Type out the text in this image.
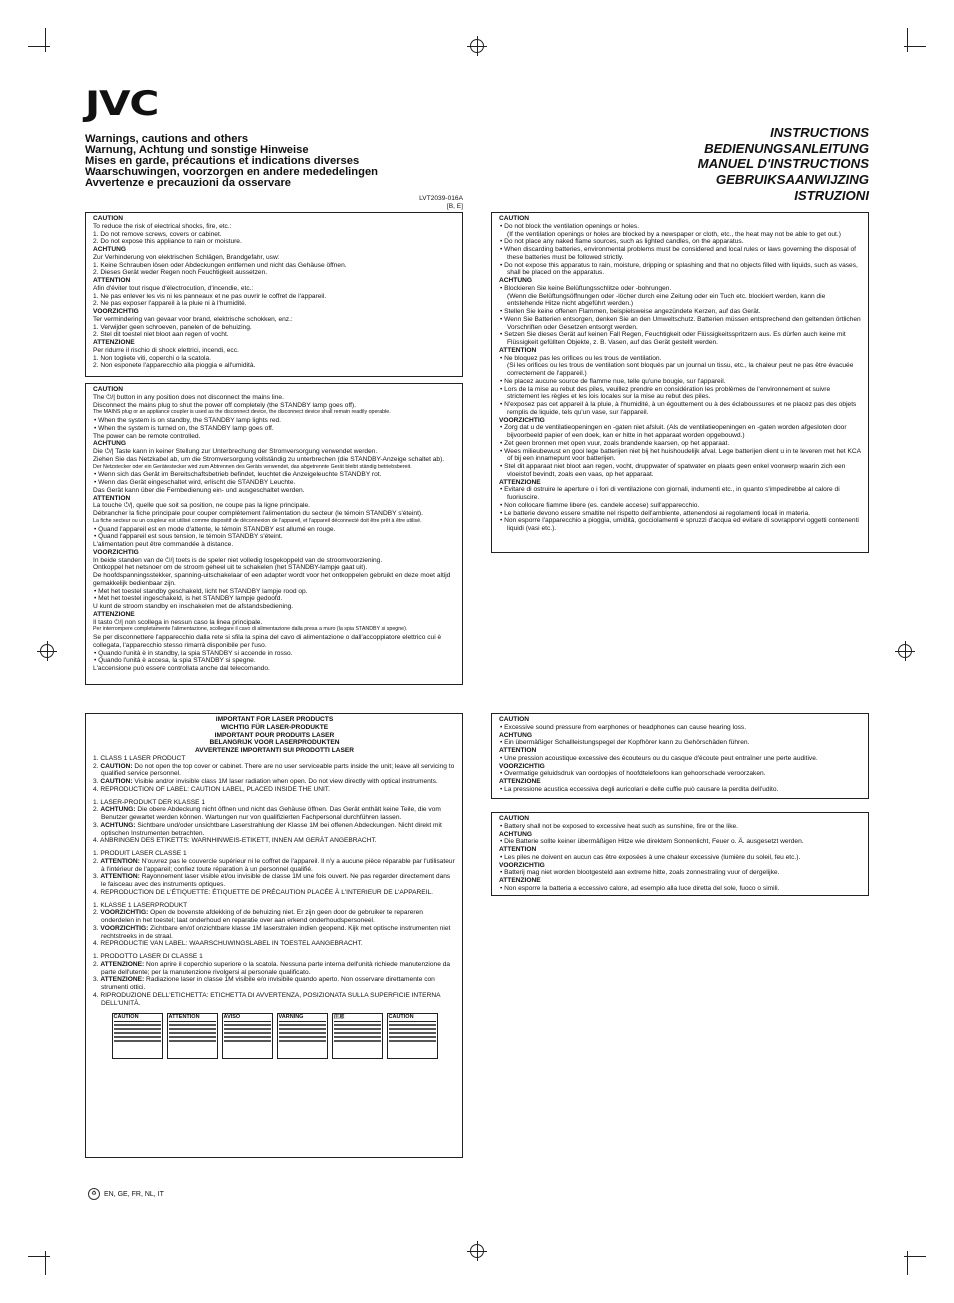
JVC
Warnings, cautions and others
Warnung, Achtung und sonstige Hinweise
Mises en garde, précautions et indications diverses
Waarschuwingen, voorzorgen en andere mededelingen
Avvertenze e precauzioni da osservare
INSTRUCTIONS
BEDIENUNGSANLEITUNG
MANUEL D'INSTRUCTIONS
GEBRUIKSAANWIJZING
ISTRUZIONI
LVT2039-016A
[B, E]
CAUTION
To reduce the risk of electrical shocks, fire, etc.:
1. Do not remove screws, covers or cabinet.
2. Do not expose this appliance to rain or moisture.
ACHTUNG
Zur Verhinderung von elektrischen Schlägen, Brandgefahr, usw:
1. Keine Schrauben lösen oder Abdeckungen entfernen und nicht das Gehäuse öffnen.
2. Dieses Gerät weder Regen noch Feuchtigkeit aussetzen.
ATTENTION
Afin d'éviter tout risque d'électrocution, d'incendie, etc.:
1. Ne pas enlever les vis ni les panneaux et ne pas ouvrir le coffret de l'appareil.
2. Ne pas exposer l'appareil à la pluie ni à l'humidité.
VOORZICHTIG
Ter vermindering van gevaar voor brand, elektrische schokken, enz.:
1. Verwijder geen schroeven, panelen of de behuizing.
2. Stel dit toestel niet bloot aan regen of vocht.
ATTENZIONE
Per ridurre il rischio di shock elettrici, incendi, ecc.
1. Non togliete viti, coperchi o la scatola.
2. Non esponete l'apparecchio alla pioggia e all'umidità.
CAUTION
The ⏻/| button in any position does not disconnect the mains line.
Disconnect the mains plug to shut the power off completely (the STANDBY lamp goes off).
The MAINS plug or an appliance coupler is used as the disconnect device, the disconnect device shall remain readily operable.
• When the system is on standby, the STANDBY lamp lights red.
• When the system is turned on, the STANDBY lamp goes off.
The power can be remote controlled.
ACHTUNG
Die ⏻/| Taste kann in keiner Stellung zur Unterbrechung der Stromversorgung verwendet werden.
Ziehen Sie das Netzkabel ab, um die Stromversorgung vollständig zu unterbrechen (die STANDBY-Anzeige schaltet ab).
Der Netzstecker oder ein Gerätestecker wird zum Abtrennen des Geräts verwendet, das abgetrennte Gerät bleibt ständig betriebsbereit.
• Wenn sich das Gerät im Bereitschaftsbetrieb befindet, leuchtet die Anzeigeleuchte STANDBY rot.
• Wenn das Gerät eingeschaltet wird, erlischt die STANDBY Leuchte.
Das Gerät kann über die Fernbedienung ein- und ausgeschaltet werden.
ATTENTION
La touche ⏻/|, quelle que soit sa position, ne coupe pas la ligne principale.
Débrancher la fiche principale pour couper complètement l'alimentation du secteur (le témoin STANDBY s'éteint).
La fiche secteur ou un coupleur est utilisé comme dispositif de déconnexion de l'appareil, et l'appareil déconnecté doit être prêt à être utilisé.
• Quand l'appareil est en mode d'attente, le témoin STANDBY est allumé en rouge.
• Quand l'appareil est sous tension, le témoin STANDBY s'éteint.
L'alimentation peut être commandée à distance.
VOORZICHTIG
In beide standen van de ⏻/| toets is de speler niet volledig losgekoppeld van de stroomvoorziening.
Ontkoppel het netsnoer om de stroom geheel uit te schakelen (het STANDBY-lampje gaat uit).
De hoofdspanningsstekker, spanning-uitschakelaar of een adapter wordt voor het ontkoppelen gebruikt en deze moet altijd gemakkelijk bedienbaar zijn.
• Met het toestel standby geschakeld, licht het STANDBY lampje rood op.
• Met het toestel ingeschakeld, is het STANDBY lampje gedoofd.
U kunt de stroom standby en inschakelen met de afstandsbediening.
ATTENZIONE
Il tasto ⏻/| non scollega in nessun caso la linea principale.
Per interrompere completamente l'alimentazione, scollegare il cavo di alimentazione dalla presa a muro (la spia STANDBY si spegne).
Se per disconnettere l'apparecchio dalla rete si sfila la spina del cavo di alimentazione o dall'accoppiatore elettrico cui è collegata, l'apparecchio stesso rimarrà disponibile per l'uso.
• Quando l'unità è in standby, la spia STANDBY si accende in rosso.
• Quando l'unità è accesa, la spia STANDBY si spegne.
L'accensione può essere controllata anche dal telecomando.
CAUTION
• Do not block the ventilation openings or holes.
(If the ventilation openings or holes are blocked by a newspaper or cloth, etc., the heat may not be able to get out.)
• Do not place any naked flame sources, such as lighted candles, on the apparatus.
• When discarding batteries, environmental problems must be considered and local rules or laws governing the disposal of these batteries must be followed strictly.
• Do not expose this apparatus to rain, moisture, dripping or splashing and that no objects filled with liquids, such as vases, shall be placed on the apparatus.
ACHTUNG
• Blockieren Sie keine Belüftungsschlitze oder -bohrungen.
(Wenn die Belüftungsöffnungen oder -löcher durch eine Zeitung oder ein Tuch etc. blockiert werden, kann die entstehende Hitze nicht abgeführt werden.)
• Stellen Sie keine offenen Flammen, beispielsweise angezündete Kerzen, auf das Gerät.
• Wenn Sie Batterien entsorgen, denken Sie an den Umweltschutz. Batterien müssen entsprechend den geltenden örtlichen Vorschriften oder Gesetzen entsorgt werden.
• Setzen Sie dieses Gerät auf keinen Fall Regen, Feuchtigkeit oder Flüssigkeitsspritzern aus. Es dürfen auch keine mit Flüssigkeit gefüllten Objekte, z. B. Vasen, auf das Gerät gestellt werden.
ATTENTION
• Ne bloquez pas les orifices ou les trous de ventilation.
(Si les orifices ou les trous de ventilation sont bloqués par un journal un tissu, etc., la chaleur peut ne pas être évacuée correctement de l'appareil.)
• Ne placez aucune source de flamme nue, telle qu'une bougie, sur l'appareil.
• Lors de la mise au rebut des piles, veuillez prendre en considération les problèmes de l'environnement et suivre strictement les règles et les lois locales sur la mise au rebut des piles.
• N'exposez pas cet appareil à la pluie, à l'humidité, à un égouttement ou à des éclaboussures et ne placez pas des objets remplis de liquide, tels qu'un vase, sur l'appareil.
VOORZICHTIG
• Zorg dat u de ventilatieopeningen en -gaten niet afsluit. (Als de ventilatieopeningen en -gaten worden afgesloten door bijvoorbeeld papier of een doek, kan er hitte in het apparaat worden opgebouwd.)
• Zet geen bronnen met open vuur, zoals brandende kaarsen, op het apparaat.
• Wees milieubewust en gooi lege batterijen niet bij het huishoudelijk afval. Lege batterijen dient u in te leveren met het KCA of bij een innamepunt voor batterijen.
• Stel dit apparaat niet bloot aan regen, vocht, druppwater of spatwater en plaats geen enkel voorwerp waarin zich een vloeistof bevindt, zoals een vaas, op het apparaat.
ATTENZIONE
• Evitare di ostruire le aperture o i fori di ventilazione con giornali, indumenti etc., in quanto s'impedirebbe al calore di fuoriuscire.
• Non collocare fiamme libere (es. candele accese) sull'apparecchio.
• Le batterie devono essere smaltite nel rispetto dell'ambiente, attenendosi ai regolamenti locali in materia.
• Non esporre l'apparecchio a pioggia, umidità, gocciolamenti e spruzzi d'acqua ed evitare di sovrapporvi oggetti contenenti liquidi (vasi etc.).
IMPORTANT FOR LASER PRODUCTS
WICHTIG FÜR LASER-PRODUKTE
IMPORTANT POUR PRODUITS LASER
BELANGRIJK VOOR LASERPRODUKTEN
AVVERTENZE IMPORTANTI SUI PRODOTTI LASER
1. CLASS 1 LASER PRODUCT
2. CAUTION: Do not open the top cover or cabinet. There are no user serviceable parts inside the unit; leave all servicing to qualified service personnel.
3. CAUTION: Visible and/or invisible class 1M laser radiation when open. Do not view directly with optical instruments.
4. REPRODUCTION OF LABEL: CAUTION LABEL, PLACED INSIDE THE UNIT.
1. LASER-PRODUKT DER KLASSE 1
2. ACHTUNG: Die obere Abdeckung nicht öffnen und nicht das Gehäuse öffnen. Das Gerät enthält keine Teile, die vom Benutzer gewartet werden können. Wartungen nur von qualifizierten Fachpersonal durchführen lassen.
3. ACHTUNG: Sichtbare und/oder unsichtbare Laserstrahlung der Klasse 1M bei offenen Abdeckungen. Nicht direkt mit optischen Instrumenten betrachten.
4. ANBRINGEN DES ETIKETTS: WARNHINWEIS-ETIKETT, INNEN AM GERÄT ANGEBRACHT.
1. PRODUIT LASER CLASSE 1
2. ATTENTION: N'ouvrez pas le couvercle supérieur ni le coffret de l'appareil. Il n'y a aucune pièce réparable par l'utilisateur à l'intérieur de l'appareil; confiez toute réparation à un personnel qualifié.
3. ATTENTION: Rayonnement laser visible et/ou invisible de classe 1M une fois ouvert. Ne pas regarder directement dans le faisceau avec des instruments optiques.
4. REPRODUCTION DE L'ÉTIQUETTE: ÉTIQUETTE DE PRÉCAUTION PLACÉE À L'INTERIEUR DE L'APPAREIL.
1. KLASSE 1 LASERPRODUKT
2. VOORZICHTIG: Open de bovenste afdekking of de behuizing niet. Er zijn geen door de gebruiker te repareren onderdelen in het toestel; laat onderhoud en reparatie over aan erkend onderhoudspersoneel.
3. VOORZICHTIG: Zichtbare en/of onzichtbare klasse 1M laserstralen indien geopend. Kijk met optische instrumenten niet rechtstreeks in de straal.
4. REPRODUCTIE VAN LABEL: WAARSCHUWINGSLABEL IN TOESTEL AANGEBRACHT.
1. PRODOTTO LASER DI CLASSE 1
2. ATTENZIONE: Non aprire il coperchio superiore o la scatola. Nessuna parte interna dell'unità richiede manutenzione da parte dell'utente; per la manutenzione rivolgersi al personale qualificato.
3. ATTENZIONE: Radiazione laser in classe 1M visibile e/o invisibile quando aperto. Non osservare direttamente con strumenti ottici.
4. RIPRODUZIONE DELL'ETICHETTA: ETICHETTA DI AVVERTENZA, POSIZIONATA SULLA SUPERFICIE INTERNA DELL'UNITÀ.
CAUTION	ATTENTION	AVISO	VARNING	注意	CAUTION
CAUTION
• Excessive sound pressure from earphones or headphones can cause hearing loss.
ACHTUNG
• Ein übermäßiger Schallleistungspegel der Kopfhörer kann zu Gehörschäden führen.
ATTENTION
• Une pression acoustique excessive des écouteurs ou du casque d'écoute peut entraîner une perte auditive.
VOORZICHTIG
• Overmatige geluidsdruk van oordopjes of hoofdtelefoons kan gehoorschade veroorzaken.
ATTENZIONE
• La pressione acustica eccessiva degli auricolari e delle cuffie può causare la perdita dell'udito.
CAUTION
• Battery shall not be exposed to excessive heat such as sunshine, fire or the like.
ACHTUNG
• Die Batterie sollte keiner übermäßigen Hitze wie direktem Sonnenlicht, Feuer o. Ä. ausgesetzt werden.
ATTENTION
• Les piles ne doivent en aucun cas être exposées à une chaleur excessive (lumière du soleil, feu etc.).
VOORZICHTIG
• Batterij mag niet worden blootgesteld aan extreme hitte, zoals zonnestraling vuur of dergelijke.
ATTENZIONE
• Non esporre la batteria a eccessivo calore, ad esempio alla luce diretta del sole, fuoco o simili.
♻	EN, GE, FR, NL, IT
